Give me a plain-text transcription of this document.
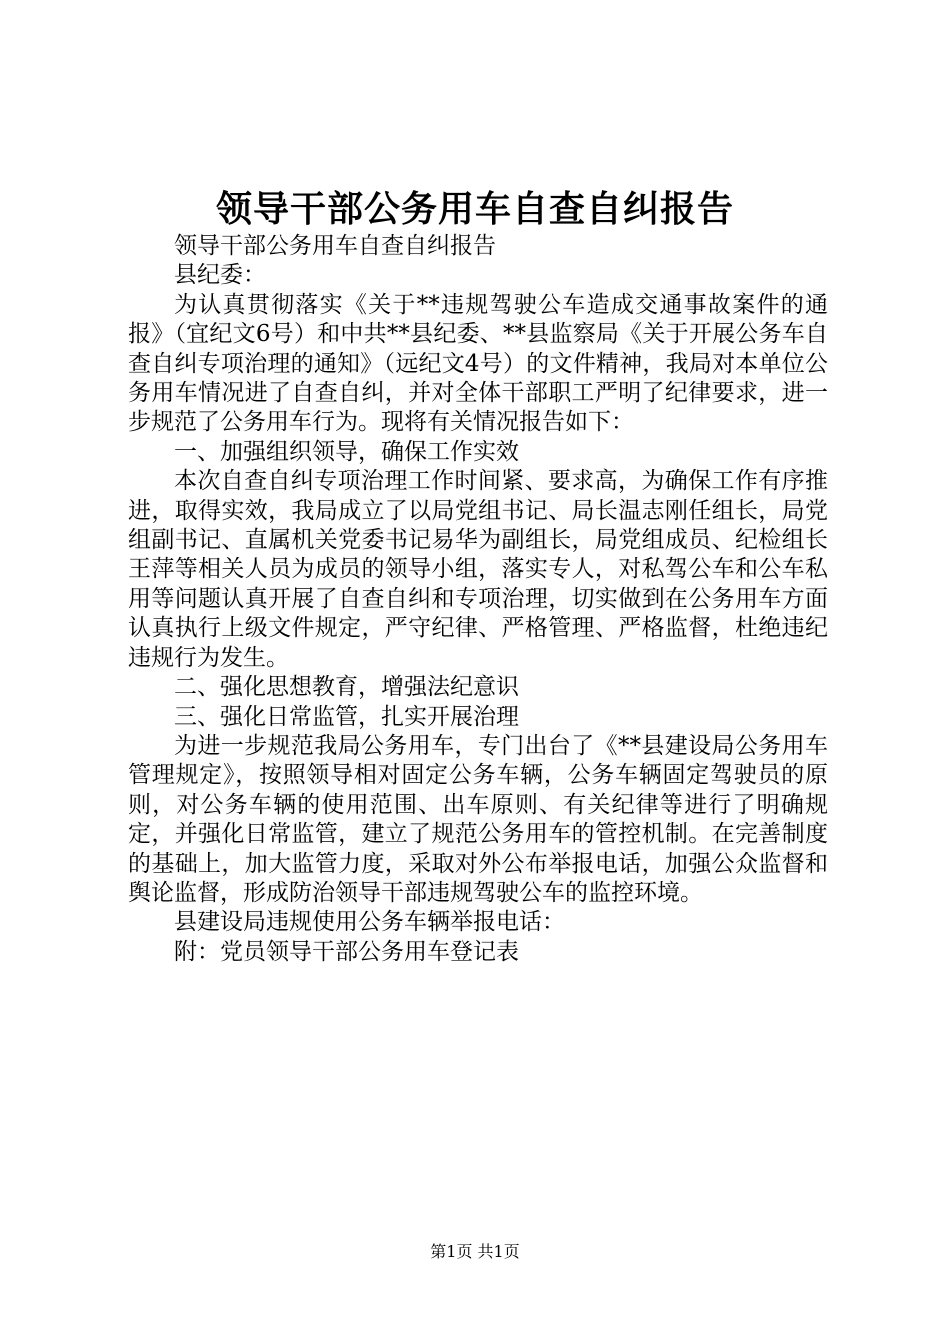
领导干部公务用车自查自纠报告

领导干部公务用车自查自纠报告

县纪委：

为认真贯彻落实《关于**违规驾驶公车造成交通事故案件的通报》（宜纪文6号）和中共**县纪委、**县监察局《关于开展公务车自查自纠专项治理的通知》（远纪文4号）的文件精神，我局对本单位公务用车情况进了自查自纠，并对全体干部职工严明了纪律要求，进一步规范了公务用车行为。现将有关情况报告如下：

一、加强组织领导，确保工作实效

本次自查自纠专项治理工作时间紧、要求高，为确保工作有序推进，取得实效，我局成立了以局党组书记、局长温志刚任组长，局党组副书记、直属机关党委书记易华为副组长，局党组成员、纪检组长王萍等相关人员为成员的领导小组，落实专人，对私驾公车和公车私用等问题认真开展了自查自纠和专项治理，切实做到在公务用车方面认真执行上级文件规定，严守纪律、严格管理、严格监督，杜绝违纪违规行为发生。

二、强化思想教育，增强法纪意识

三、强化日常监管，扎实开展治理

为进一步规范我局公务用车，专门出台了《**县建设局公务用车管理规定》，按照领导相对固定公务车辆，公务车辆固定驾驶员的原则，对公务车辆的使用范围、出车原则、有关纪律等进行了明确规定，并强化日常监管，建立了规范公务用车的管控机制。在完善制度的基础上，加大监管力度，采取对外公布举报电话，加强公众监督和舆论监督，形成防治领导干部违规驾驶公车的监控环境。

县建设局违规使用公务车辆举报电话：

附：党员领导干部公务用车登记表

第1页 共1页
